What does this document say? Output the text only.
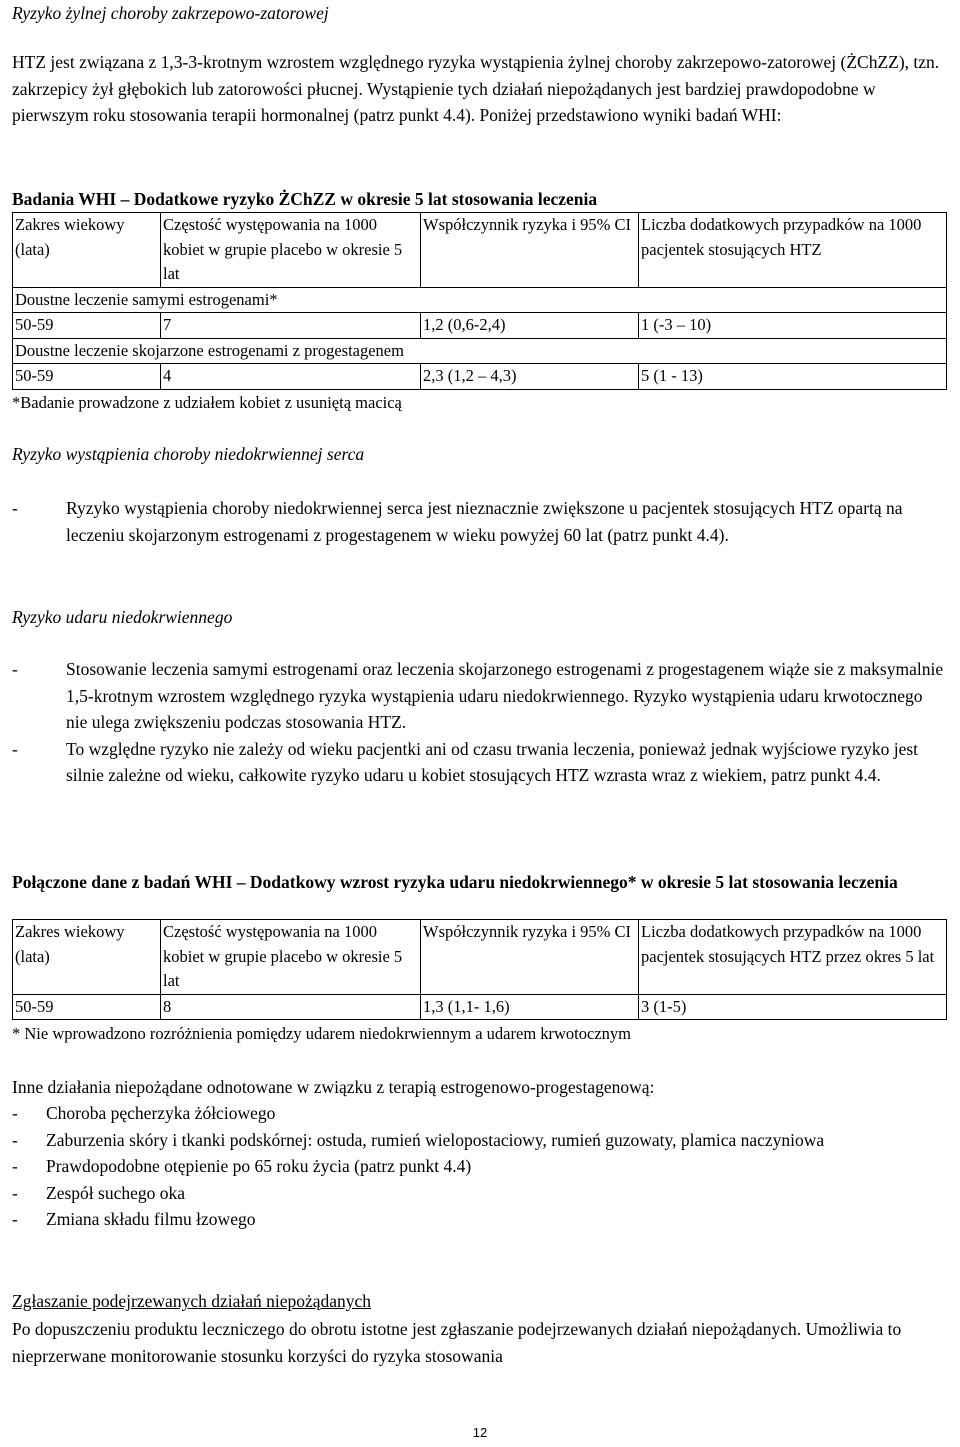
Ryzyko żylnej choroby zakrzepowo-zatorowej

HTZ jest związana z 1,3-3-krotnym wzrostem względnego ryzyka wystąpienia żylnej choroby zakrzepowo-zatorowej (ŻChZZ), tzn. zakrzepicy żył głębokich lub zatorowości płucnej. Wystąpienie tych działań niepożądanych jest bardziej prawdopodobne w pierwszym roku stosowania terapii hormonalnej (patrz punkt 4.4). Poniżej przedstawiono wyniki badań WHI:

Badania WHI – Dodatkowe ryzyko ŻChZZ w okresie 5 lat stosowania leczenia

Zakres wiekowy (lata)	Częstość występowania na 1000 kobiet w grupie placebo w okresie 5 lat	Współczynnik ryzyka i 95% CI	Liczba dodatkowych przypadków na 1000 pacjentek stosujących HTZ
Doustne leczenie samymi estrogenami*			
50-59	7	1,2 (0,6-2,4)	1 (-3 – 10)
Doustne leczenie skojarzone estrogenami z progestagenem			
50-59	4	2,3 (1,2 – 4,3)	5 (1 - 13)

*Badanie prowadzone z udziałem kobiet z usuniętą macicą

Ryzyko wystąpienia choroby niedokrwiennej serca

-	Ryzyko wystąpienia choroby niedokrwiennej serca jest nieznacznie zwiększone u pacjentek stosujących HTZ opartą na leczeniu skojarzonym estrogenami z progestagenem w wieku powyżej 60 lat (patrz punkt 4.4).

Ryzyko udaru niedokrwiennego

-	Stosowanie leczenia samymi estrogenami oraz leczenia skojarzonego estrogenami z progestagenem wiąże sie z maksymalnie 1,5-krotnym wzrostem względnego ryzyka wystąpienia udaru niedokrwiennego. Ryzyko wystąpienia udaru krwotocznego nie ulega zwiększeniu podczas stosowania HTZ.
-	To względne ryzyko nie zależy od wieku pacjentki ani od czasu trwania leczenia, ponieważ jednak wyjściowe ryzyko jest silnie zależne od wieku, całkowite ryzyko udaru u kobiet stosujących HTZ wzrasta wraz z wiekiem, patrz punkt 4.4.

Połączone dane z badań WHI – Dodatkowy wzrost ryzyka udaru niedokrwiennego* w okresie 5 lat stosowania leczenia

Zakres wiekowy (lata)	Częstość występowania na 1000 kobiet w grupie placebo w okresie 5 lat	Współczynnik ryzyka i 95% CI	Liczba dodatkowych przypadków na 1000 pacjentek stosujących HTZ przez okres 5 lat
50-59	8	1,3 (1,1- 1,6)	3 (1-5)

* Nie wprowadzono rozróżnienia pomiędzy udarem niedokrwiennym a udarem krwotocznym

Inne działania niepożądane odnotowane w związku z terapią estrogenowo-progestagenową:

- Choroba pęcherzyka żółciowego
- Zaburzenia skóry i tkanki podskórnej: ostuda, rumień wielopostaciowy, rumień guzowaty, plamica naczyniowa
- Prawdopodobne otępienie po 65 roku życia (patrz punkt 4.4)
- Zespół suchego oka
- Zmiana składu filmu łzowego

Zgłaszanie podejrzewanych działań niepożądanych

Po dopuszczeniu produktu leczniczego do obrotu istotne jest zgłaszanie podejrzewanych działań niepożądanych. Umożliwia to nieprzerwane monitorowanie stosunku korzyści do ryzyka stosowania

12
